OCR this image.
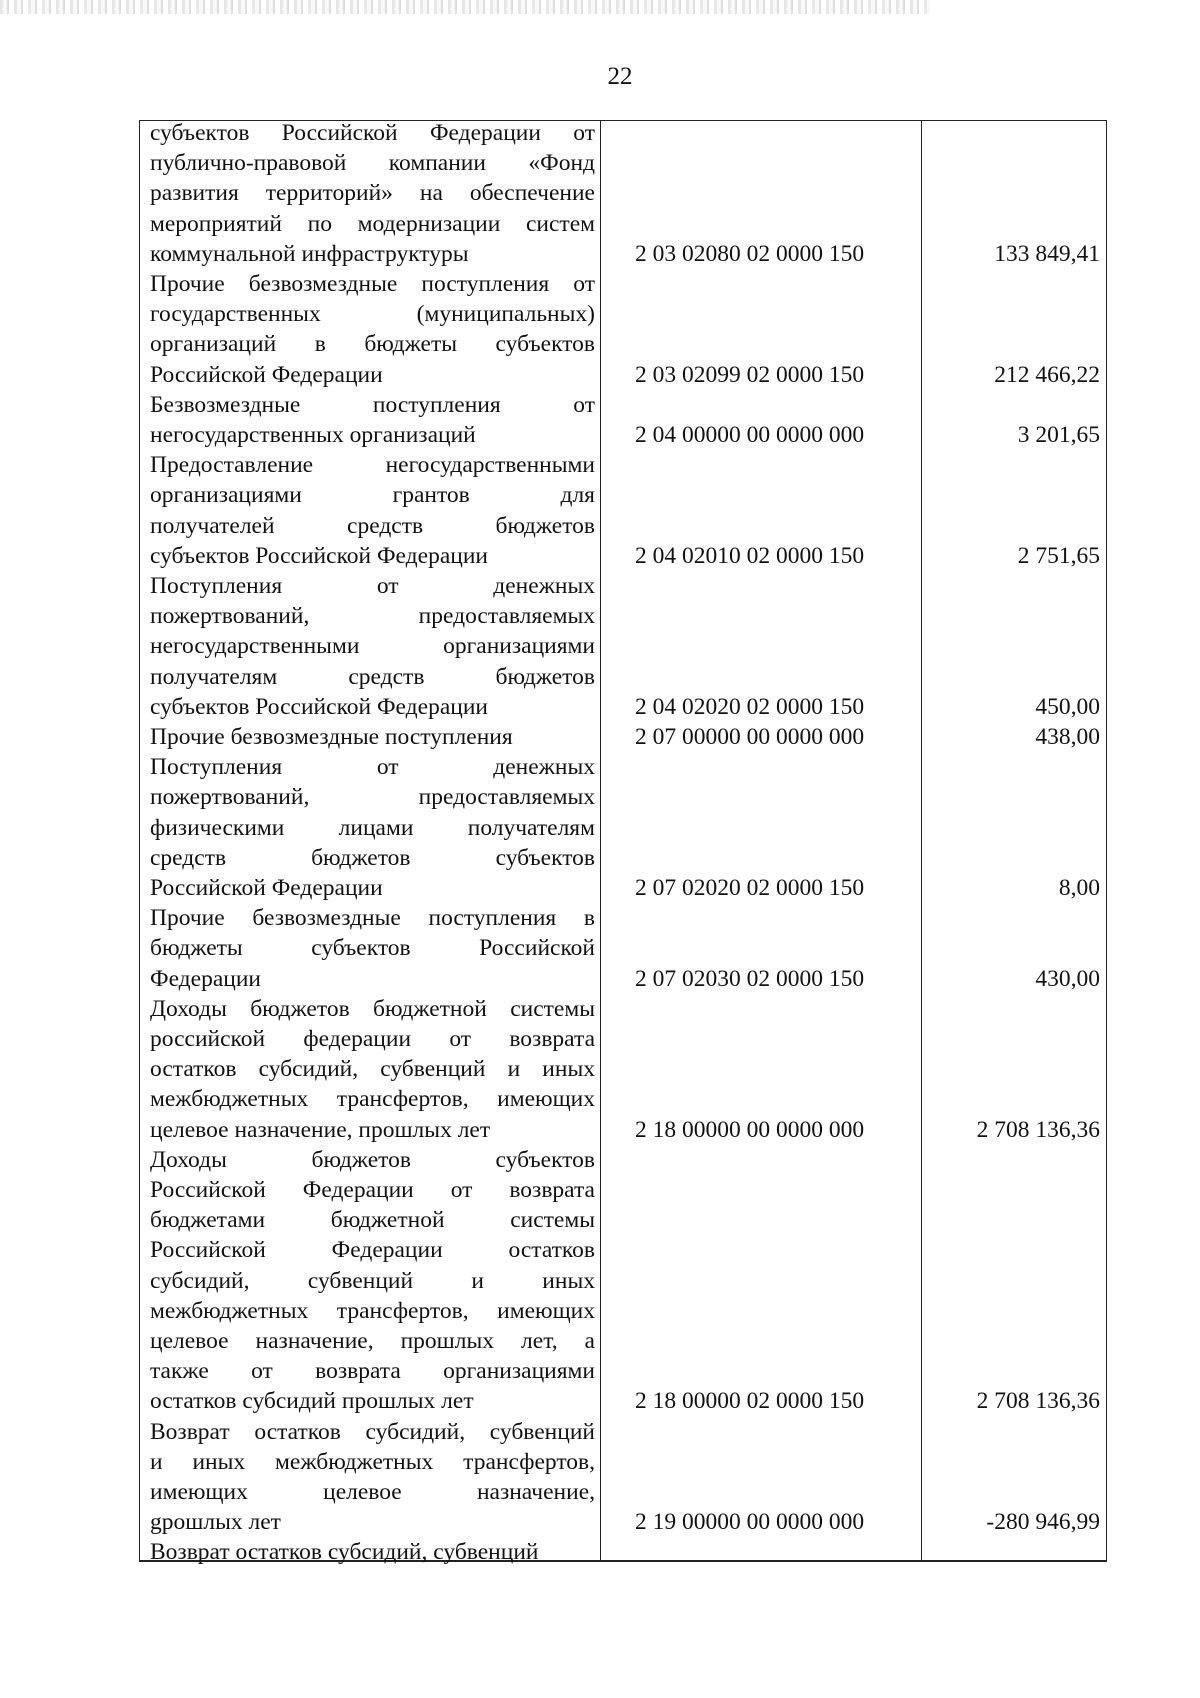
22
субъектов Российской Федерации от
публично-правовой компании «Фонд
развития территорий» на обеспечение
мероприятий по модернизации систем
коммунальной инфраструктуры	2 03 02080 02 0000 150	133 849,41
Прочие безвозмездные поступления от
государственных (муниципальных)
организаций в бюджеты субъектов
Российской Федерации	2 03 02099 02 0000 150	212 466,22
Безвозмездные поступления от
негосударственных организаций	2 04 00000 00 0000 000	3 201,65
Предоставление негосударственными
организациями грантов для
получателей средств бюджетов
субъектов Российской Федерации	2 04 02010 02 0000 150	2 751,65
Поступления от денежных
пожертвований, предоставляемых
негосударственными организациями
получателям средств бюджетов
субъектов Российской Федерации	2 04 02020 02 0000 150	450,00
Прочие безвозмездные поступления	2 07 00000 00 0000 000	438,00
Поступления от денежных
пожертвований, предоставляемых
физическими лицами получателям
средств бюджетов субъектов
Российской Федерации	2 07 02020 02 0000 150	8,00
Прочие безвозмездные поступления в
бюджеты субъектов Российской
Федерации	2 07 02030 02 0000 150	430,00
Доходы бюджетов бюджетной системы
российской федерации от возврата
остатков субсидий, субвенций и иных
межбюджетных трансфертов, имеющих
целевое назначение, прошлых лет	2 18 00000 00 0000 000	2 708 136,36
Доходы бюджетов субъектов
Российской Федерации от возврата
бюджетами бюджетной системы
Российской Федерации остатков
субсидий, субвенций и иных
межбюджетных трансфертов, имеющих
целевое назначение, прошлых лет, а
также от возврата организациями
остатков субсидий прошлых лет	2 18 00000 02 0000 150	2 708 136,36
Возврат остатков субсидий, субвенций
и иных межбюджетных трансфертов,
имеющих целевое назначение,
gрошлых лет	2 19 00000 00 0000 000	-280 946,99
Возврат остатков субсидий, субвенций
